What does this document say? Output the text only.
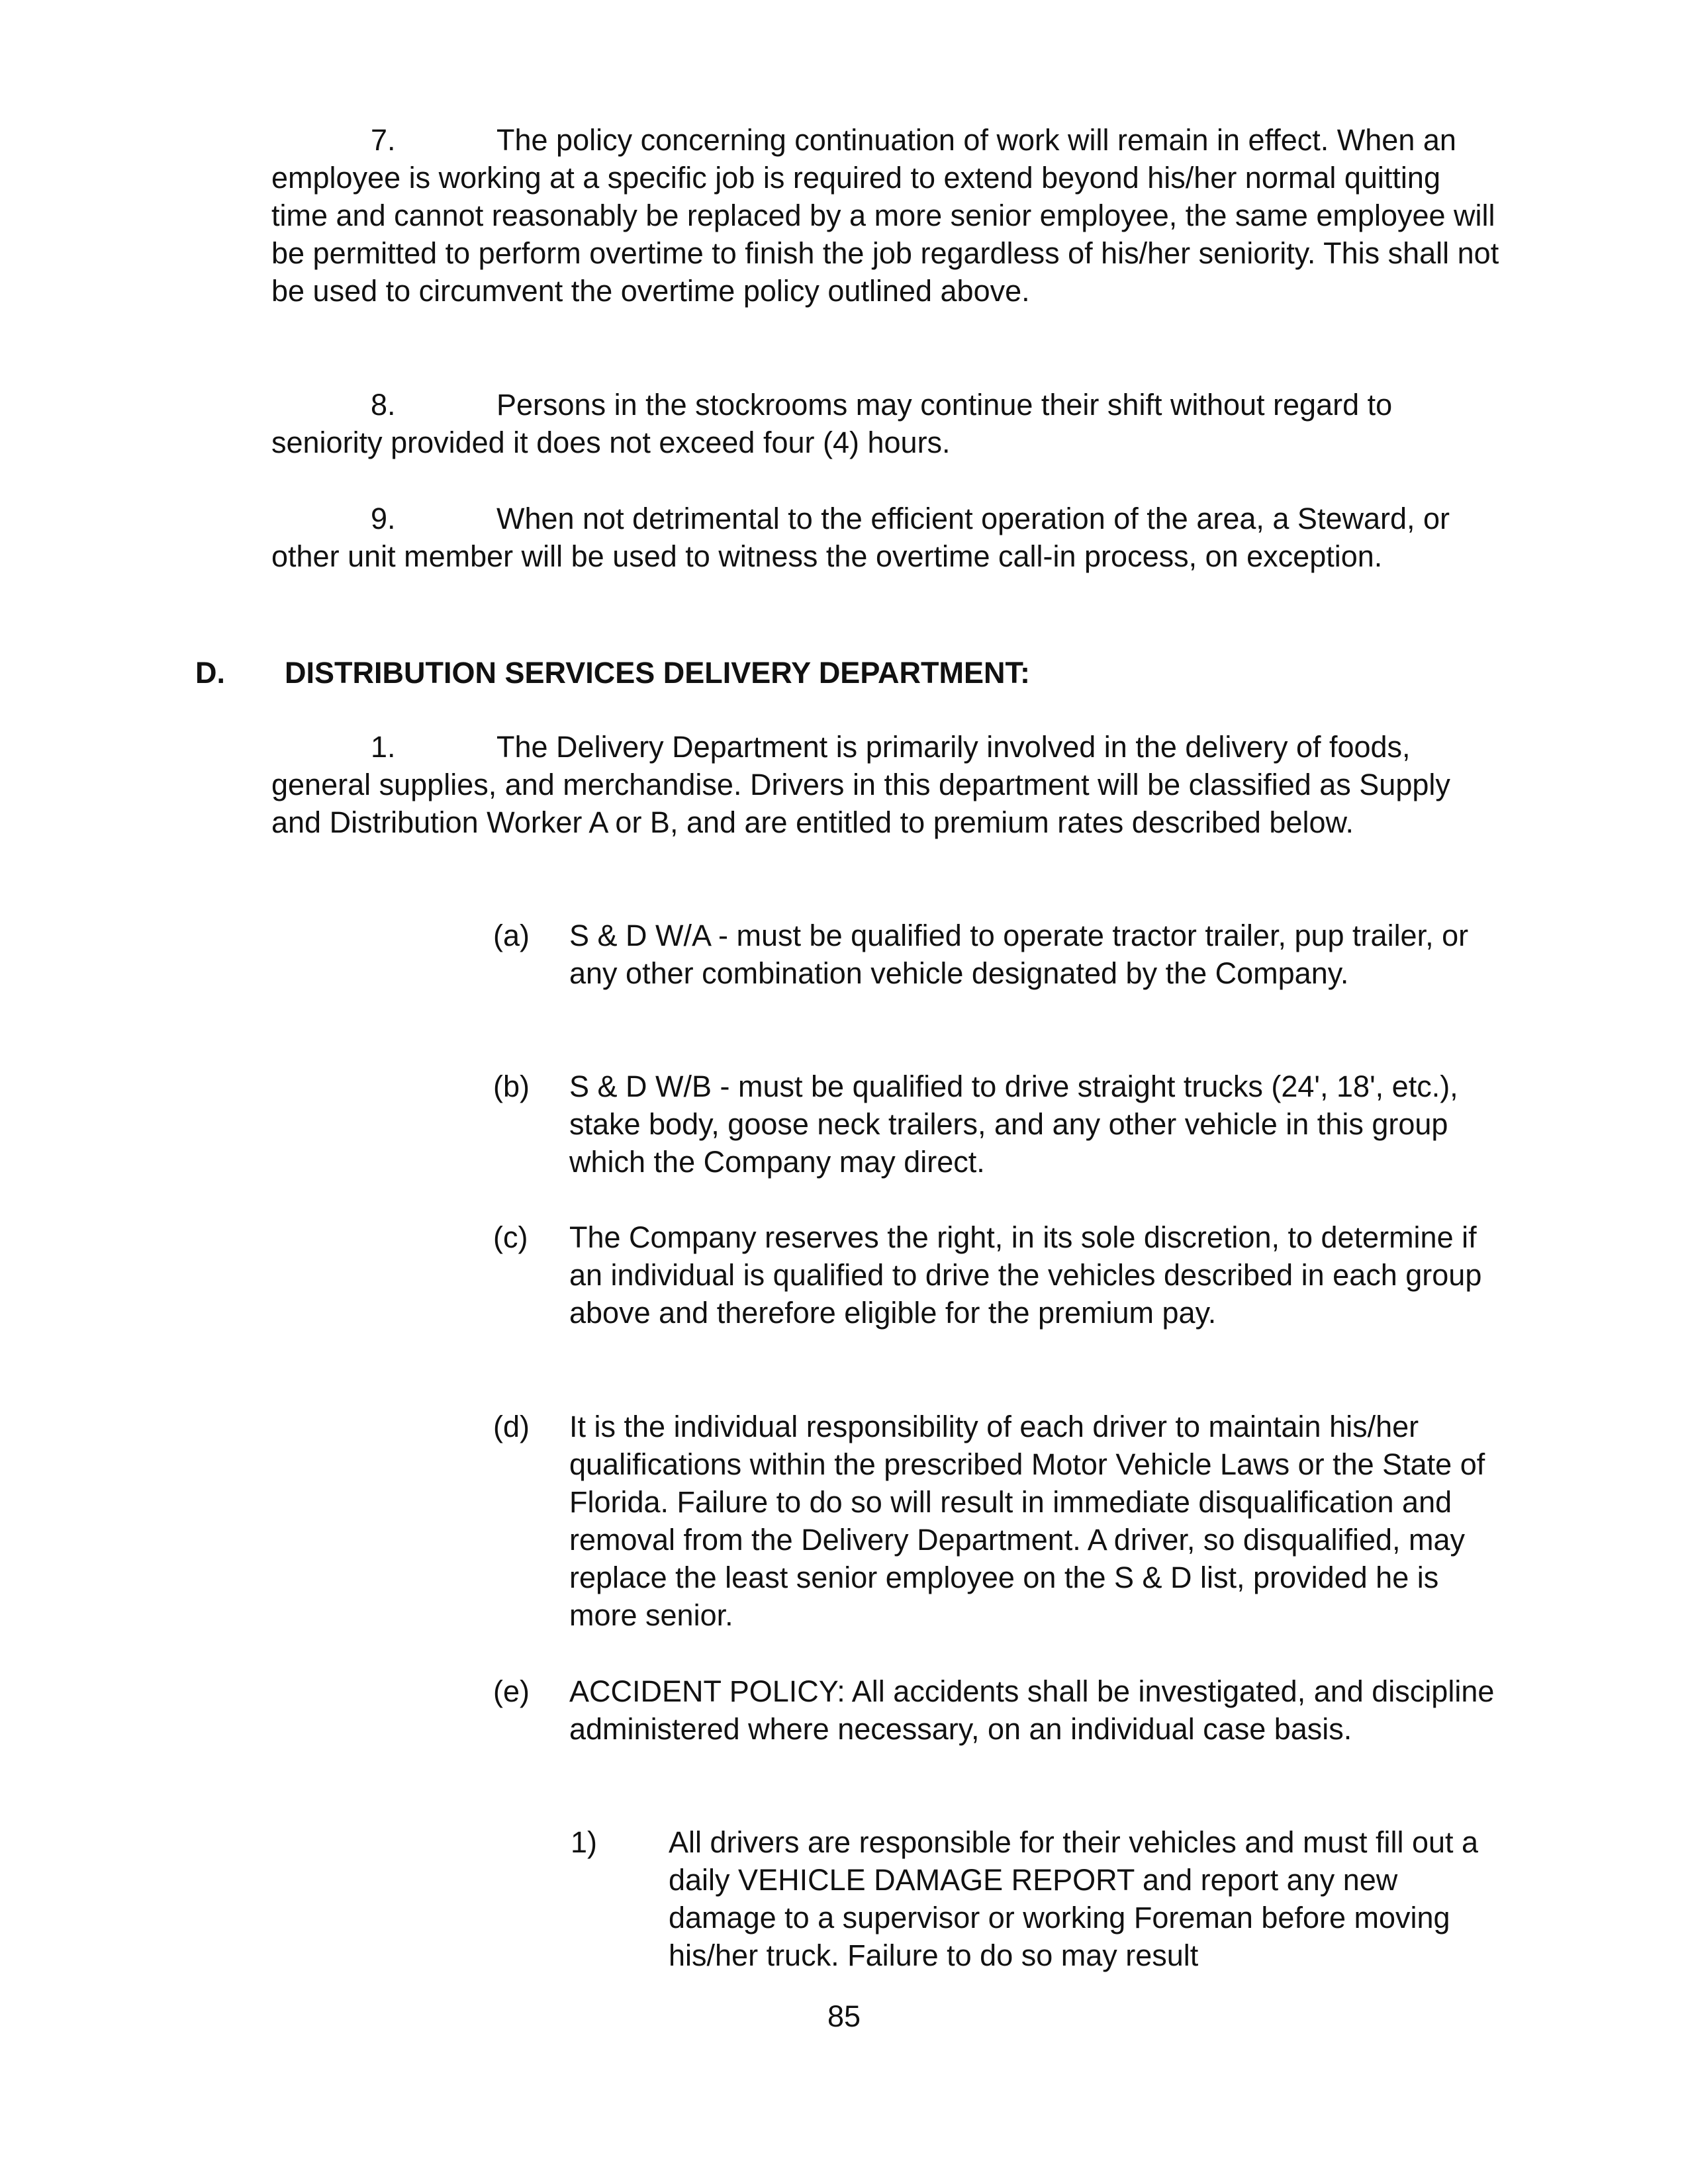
7.	The policy concerning continuation of work will remain in effect. When an employee is working at a specific job is required to extend beyond his/her normal quitting time and cannot reasonably be replaced by a more senior employee, the same employee will be permitted to perform overtime to finish the job regardless of his/her seniority. This shall not be used to circumvent the overtime policy outlined above.

8.	Persons in the stockrooms may continue their shift without regard to seniority provided it does not exceed four (4) hours.

9.	When not detrimental to the efficient operation of the area, a Steward, or other unit member will be used to witness the overtime call-in process, on exception.

D. DISTRIBUTION SERVICES DELIVERY DEPARTMENT:

1.	The Delivery Department is primarily involved in the delivery of foods, general supplies, and merchandise. Drivers in this department will be classified as Supply and Distribution Worker A or B, and are entitled to premium rates described below.

(a) S & D W/A - must be qualified to operate tractor trailer, pup trailer, or any other combination vehicle designated by the Company.
(b) S & D W/B - must be qualified to drive straight trucks (24', 18', etc.), stake body, goose neck trailers, and any other vehicle in this group which the Company may direct.
(c) The Company reserves the right, in its sole discretion, to determine if an individual is qualified to drive the vehicles described in each group above and therefore eligible for the premium pay.
(d) It is the individual responsibility of each driver to maintain his/her qualifications within the prescribed Motor Vehicle Laws or the State of Florida. Failure to do so will result in immediate disqualification and removal from the Delivery Department. A driver, so disqualified, may replace the least senior employee on the S & D list, provided he is more senior.
(e) ACCIDENT POLICY: All accidents shall be investigated, and discipline administered where necessary, on an individual case basis.
1) All drivers are responsible for their vehicles and must fill out a daily VEHICLE DAMAGE REPORT and report any new damage to a supervisor or working Foreman before moving his/her truck. Failure to do so may result

85
